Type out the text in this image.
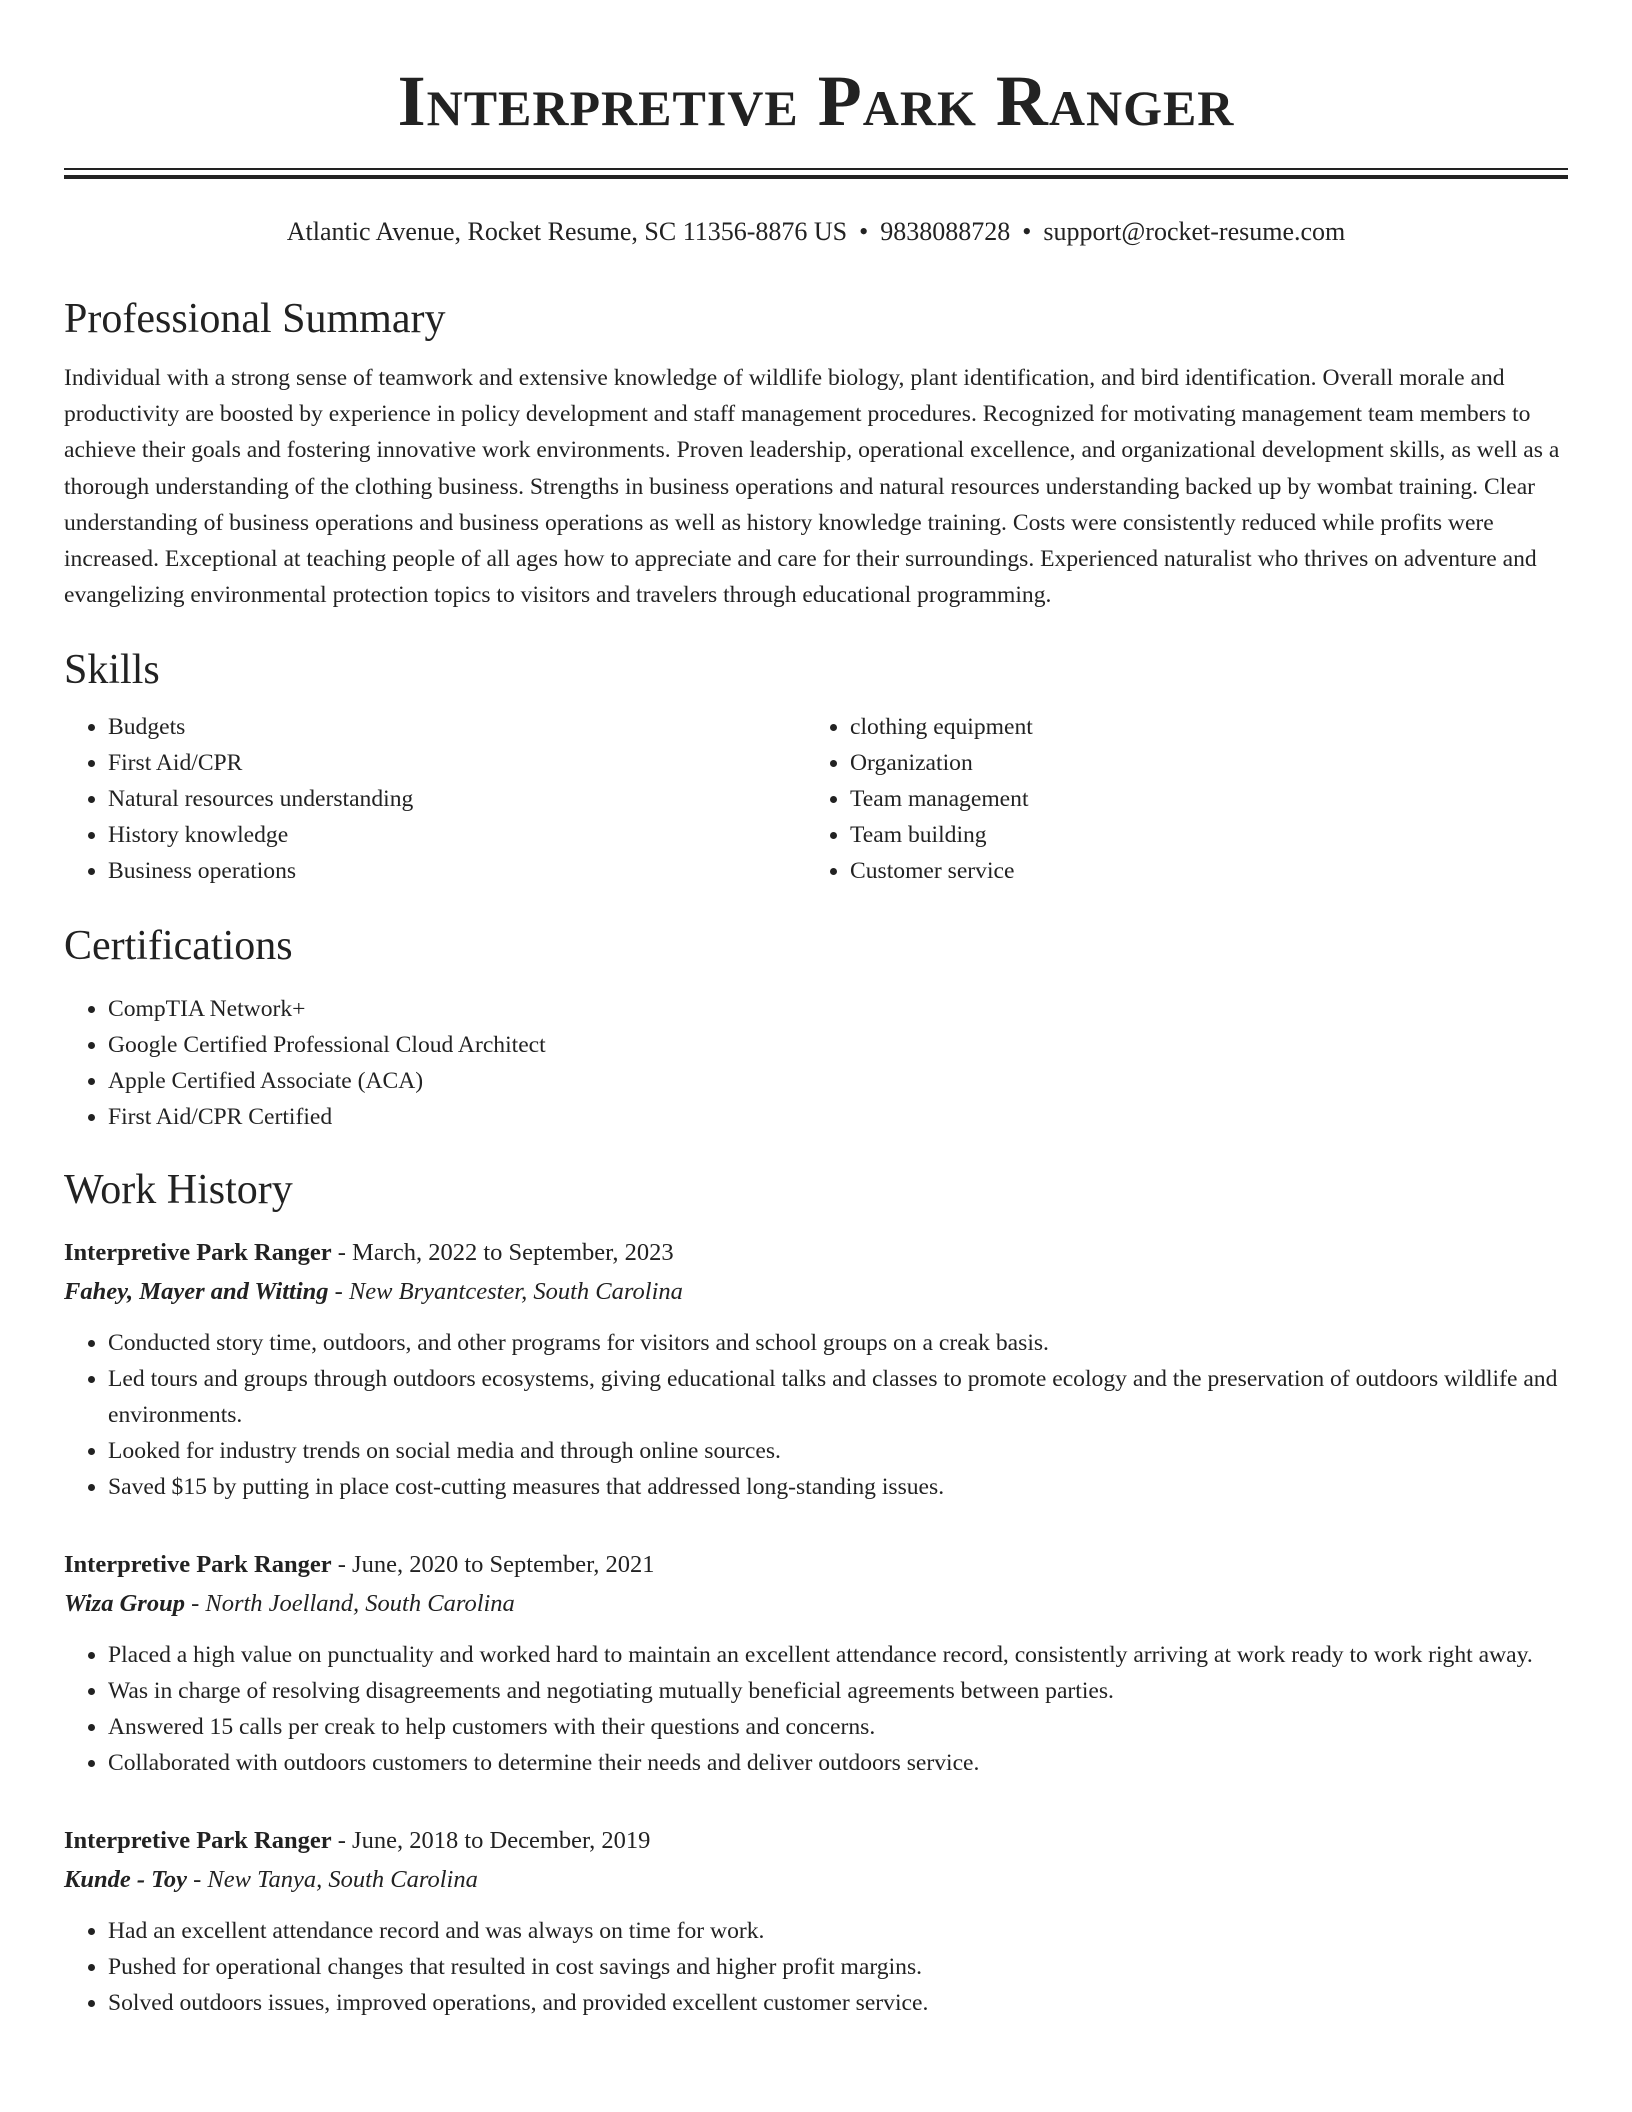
Interpretive Park Ranger
Atlantic Avenue, Rocket Resume, SC 11356-8876 US • 9838088728 • support@rocket-resume.com
Professional Summary

Individual with a strong sense of teamwork and extensive knowledge of wildlife biology, plant identification, and bird identification. Overall morale and productivity are boosted by experience in policy development and staff management procedures. Recognized for motivating management team members to achieve their goals and fostering innovative work environments. Proven leadership, operational excellence, and organizational development skills, as well as a thorough understanding of the clothing business. Strengths in business operations and natural resources understanding backed up by wombat training. Clear understanding of business operations and business operations as well as history knowledge training. Costs were consistently reduced while profits were increased. Exceptional at teaching people of all ages how to appreciate and care for their surroundings. Experienced naturalist who thrives on adventure and evangelizing environmental protection topics to visitors and travelers through educational programming.

Skills
• Budgets
• First Aid/CPR
• Natural resources understanding
• History knowledge
• Business operations
• clothing equipment
• Organization
• Team management
• Team building
• Customer service
Certifications
• CompTIA Network+
• Google Certified Professional Cloud Architect
• Apple Certified Associate (ACA)
• First Aid/CPR Certified
Work History

Interpretive Park Ranger - March, 2022 to September, 2023

Fahey, Mayer and Witting - New Bryantcester, South Carolina

• Conducted story time, outdoors, and other programs for visitors and school groups on a creak basis.
• Led tours and groups through outdoors ecosystems, giving educational talks and classes to promote ecology and the preservation of outdoors wildlife and environments.
• Looked for industry trends on social media and through online sources.
• Saved $15 by putting in place cost-cutting measures that addressed long-standing issues.

Interpretive Park Ranger - June, 2020 to September, 2021

Wiza Group - North Joelland, South Carolina

• Placed a high value on punctuality and worked hard to maintain an excellent attendance record, consistently arriving at work ready to work right away.
• Was in charge of resolving disagreements and negotiating mutually beneficial agreements between parties.
• Answered 15 calls per creak to help customers with their questions and concerns.
• Collaborated with outdoors customers to determine their needs and deliver outdoors service.

Interpretive Park Ranger - June, 2018 to December, 2019

Kunde - Toy - New Tanya, South Carolina

• Had an excellent attendance record and was always on time for work.
• Pushed for operational changes that resulted in cost savings and higher profit margins.
• Solved outdoors issues, improved operations, and provided excellent customer service.
